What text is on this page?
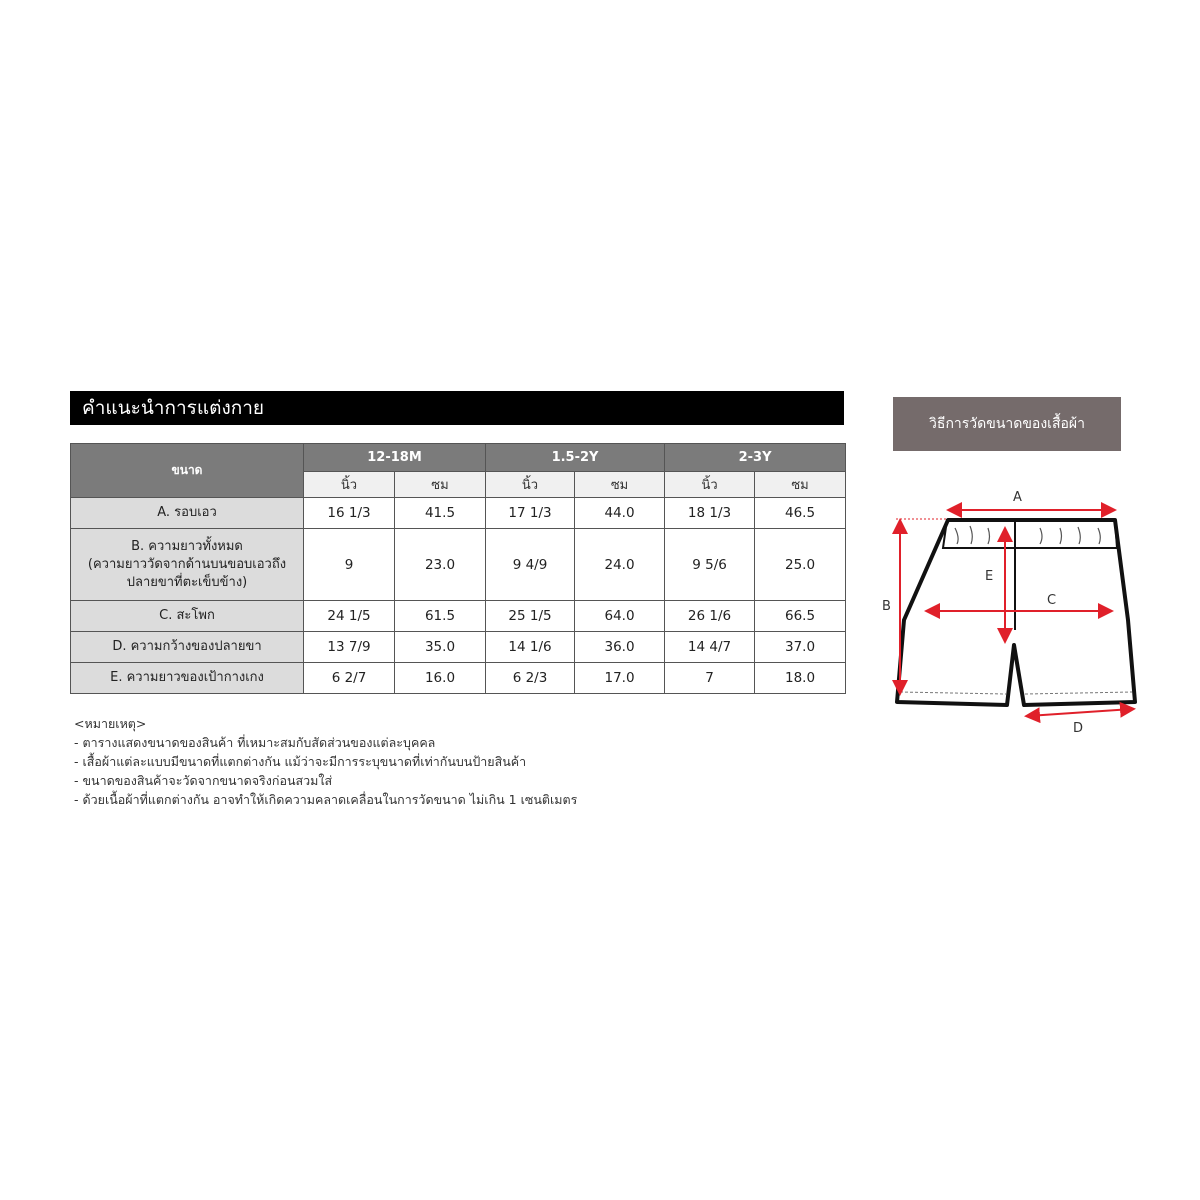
คำแนะนำการแต่งกาย
ขนาด	12-18M		1.5-2Y		2-3Y	
	นิ้ว	ซม	นิ้ว	ซม	นิ้ว	ซม
A. รอบเอว	16 1/3	41.5	17 1/3	44.0	18 1/3	46.5

B. ความยาวทั้งหมด
(ความยาววัดจากด้านบนขอบเอวถึง
ปลายขาที่ตะเข็บข้าง)	9	23.0	9 4/9	24.0	9 5/6	25.0
C. สะโพก	24 1/5	61.5	25 1/5	64.0	26 1/6	66.5
D. ความกว้างของปลายขา	13 7/9	35.0	14 1/6	36.0	14 4/7	37.0
E. ความยาวของเป้ากางเกง	6 2/7	16.0	6 2/3	17.0	7	18.0
<หมายเหตุ>
- ตารางแสดงขนาดของสินค้า ที่เหมาะสมกับสัดส่วนของแต่ละบุคคล
- เสื้อผ้าแต่ละแบบมีขนาดที่แตกต่างกัน แม้ว่าจะมีการระบุขนาดที่เท่ากันบนป้ายสินค้า
- ขนาดของสินค้าจะวัดจากขนาดจริงก่อนสวมใส่
- ด้วยเนื้อผ้าที่แตกต่างกัน อาจทำให้เกิดความคลาดเคลื่อนในการวัดขนาด ไม่เกิน 1 เซนติเมตร
วิธีการวัดขนาดของเสื้อผ้า
A
B	C
D
E
